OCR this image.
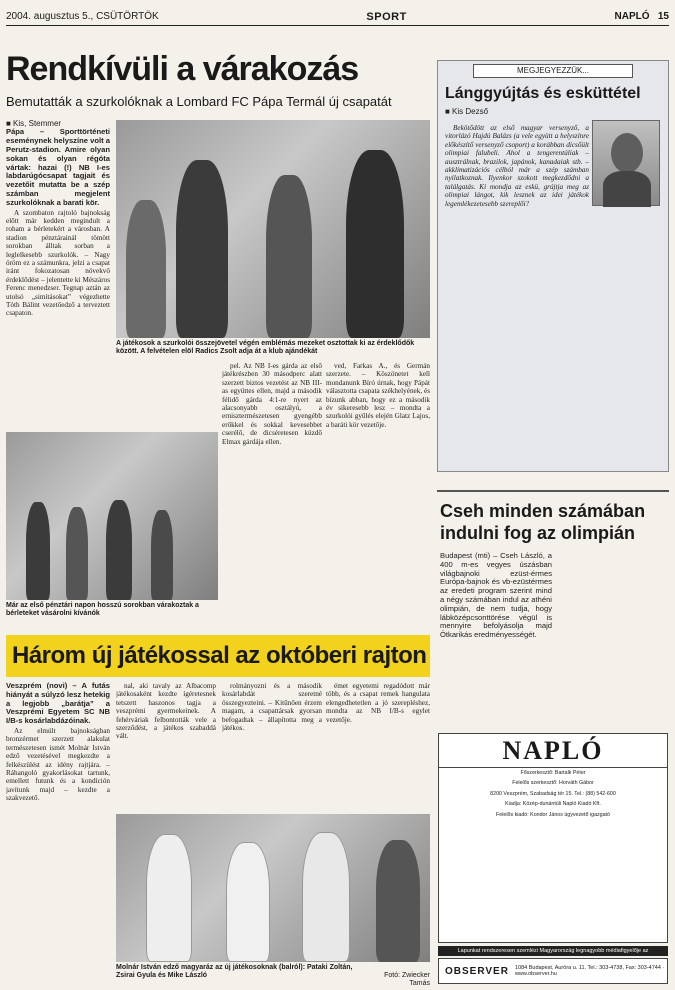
2004. augusztus 5., CSÜTÖRTÖK	SPORT	NAPLÓ 15
Rendkívüli a várakozás
Bemutatták a szurkolóknak a Lombard FC Pápa Termál új csapatát
■ Kis, Stemmer

Pápa – Sporttörténeti eseménynek helyszíne volt a Perutz-stadion. Amire olyan sokan és olyan régóta vártak: hazai (!) NB I-es labdarúgócsapat tagjait és vezetőit mutatta be a szép számban megjelent szurkolóknak a barati kör.

A szombaton rajtoló bajnokság előtt már kedden megindult a roham a bérletekért a városban. A stadion pénztárainál tömött sorokban álltak sorban a leglelkesebb szurkolók. – Nagy öröm ez a számunkra, jelzi a csapat iránt fokozatosan növekvő érdeklődést – jelentette ki Mészáros Ferenc menedzser. Tegnap aztán az utolsó „simításokat” végezhette Tóth Bálint vezetőedző a terveztett csapaton.

A játékosok a szurkolói összejövetel végén emblémás mezeket osztottak ki az érdeklődők között. A felvételen elöl Radics Zsolt adja át a klub ajándékát
Már az első pénztári napon hosszú sorokban várakoztak a bérleteket vásárolni kívánók

pel. Az NB I-es gárda az első játékrészben 30 másodperc alatt szerzett biztos vezetést az NB III-as együttes ellen, majd a második félidő gárda 4:1-re nyert az alacsonyabb osztályú, a ernisztermészetesen gyengébb erőkkel és sokkal kevesebbet cserélő, de dicséretesen küzdő Elmax gárdája ellen.

ved, Farkas A., és Germán szerzete. – Köszönetet kell mondanunk Bíró úrnak, hogy Pápát választotta csapata székhelyének, és bízunk abban, hogy ez a második év sikeresebb lesz – mondta a szurkolói gyűlés elején Glatz Lajos, a baráti kör vezetője.

Három új játékossal az októberi rajton

Veszprém (novi) – A futás hiányát a súlyzó lesz hetekig a legjobb „barátja” a Veszprémi Egyetem SC NB I/B-s kosárlabdázóinak.

Az elmúlt bajnokságban bronzérmet szerzett alakulat természetesen ismét Molnár István edző vezetésével megkezdte a felkészülést az idény rajtjára. – Ráhangoló gyakorlásokat tartunk, emellett futunk és a kondíción javítunk majd – kezdte a szakvezető.

nal, aki tavaly az Albacomp játékosaként kezdte ígéretesnek tetszett haszonos tagja a veszprémi gyermekeinek. A fehérváriak felbontották vele a szerződést, a játékos szabaddá vált.

rolmányozni és a második kosárlabdát szeretné összegyezteini. – Kitűnően érzem magam, a csapattársak gyorsan befogadtak – állapította meg a játékos.

émet egyetemi regadódott már több, és a csapat remek hangulata elengedhetetlen a jó szerepléshez, mondta az NB I/B-s egylet vezetője.

Molnár István edző magyaráz az új játékosoknak (balról): Pataki Zoltán, Zsirai Gyula és Mike László	Fotó: Zwiecker Tamás
MEGJEGYEZZÜK...
Lánggyújtás és esküttétel
■ Kis Dezső

Bekötődött az első magyar versenyző, a vitorlázó Hajdú Balázs (a vele együtt a helyszínre előkészítő versenyző csoport) a korábban dicsőült olimpiai falubeli. Ahol a tengerentúliak – ausztrálnak, brazilok, japánok, kanadaiak stb. – akklimatizációs célból már a szép számban nyilatkoznak. Ilyenkor szokott megkezdődni a találgatás. Ki mondja az eskü, grújtja meg az olimpiai lángot, kik lesznek az idei játékok legemlékezetesebb szereplői?

Cseh minden számában indulni fog az olimpián

Budapest (mti) – Cseh László, a 400 m-es vegyes úszásban világbajnoki ezüst-érmes Európa-bajnok és vb-ezüstérmes az eredeti program szerint mind a négy számában indul az athéni olimpián, de nem tudja, hogy lábközépcsonttörése végül is mennyire befolyásolja majd Ötkarikás eredményességét.

NAPLÓ
Főszerkesztő: Bartalk Péter
Felelős szerkesztő: Horváth Gábor
8200 Veszprém, Szabadság tér 15. Tel.: (88) 542-600
Kiadja: Közép-dunántúli Napló Kiadó Kft.
Felelős kiadó: Kondor János ügyvezető igazgató
Lapunkat rendszeresen szemlézi Magyarország legnagyobb médiafigyelője az
OBSERVER	1084 Budapest, Auróra u. 11. Tel.: 303-4738, Fax: 303-4744 · www.observer.hu
